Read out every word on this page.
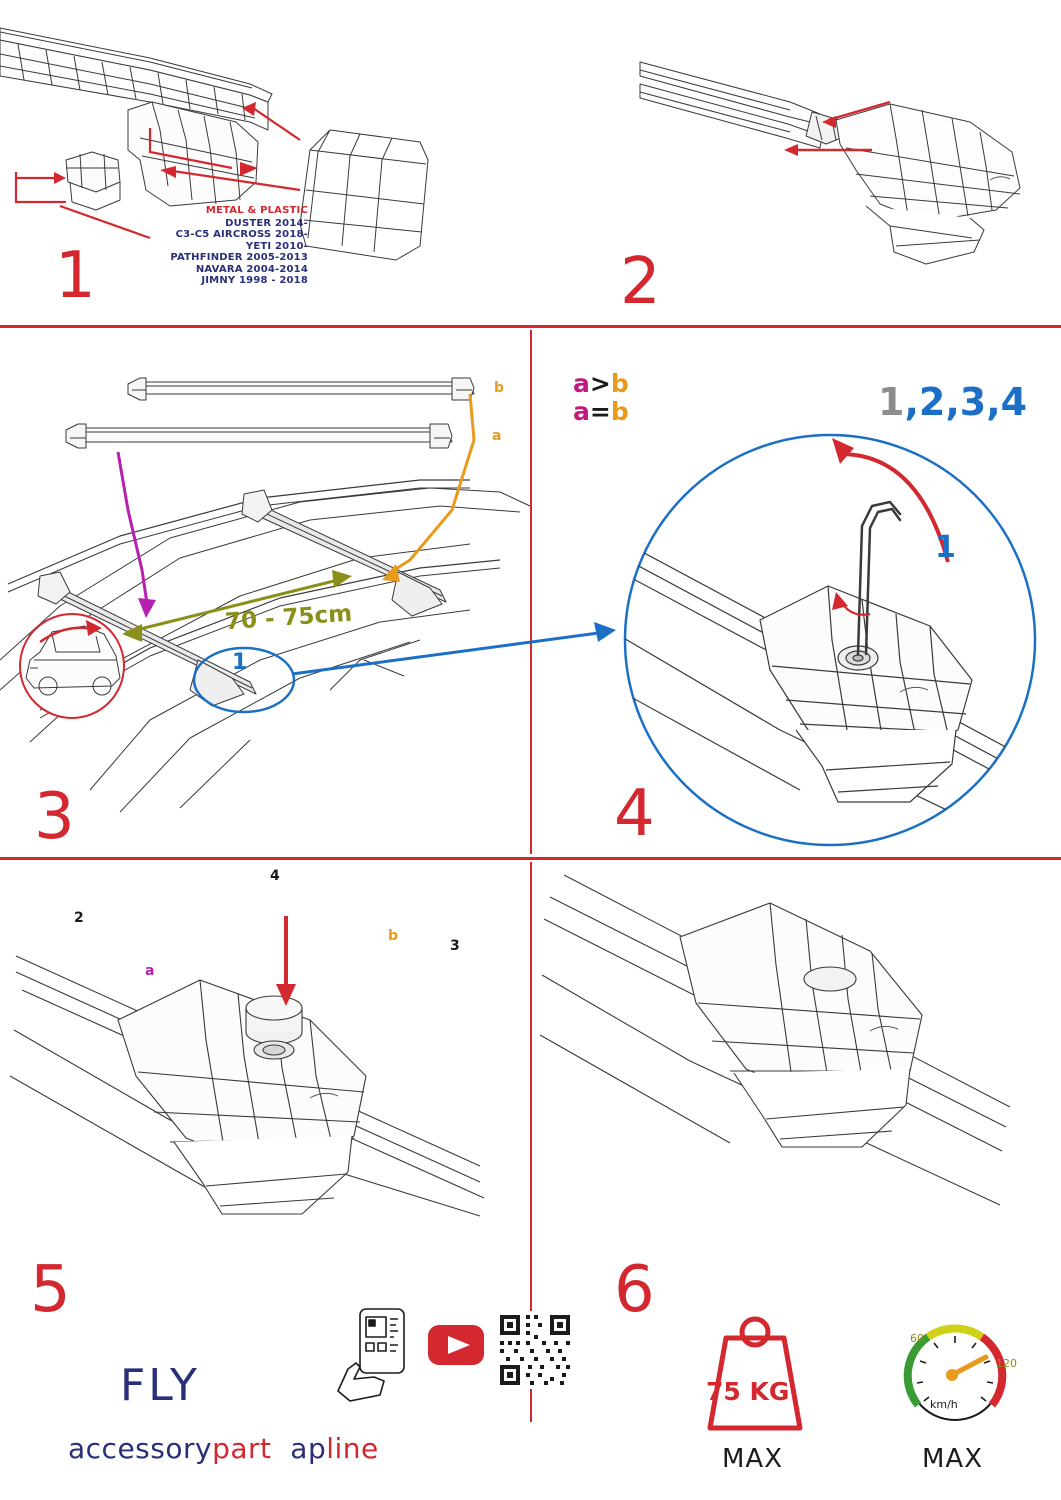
METAL & PLASTIC
DUSTER 2014-
C3-C5 AIRCROSS 2018-
YETI 2010-
PATHFINDER 2005-2013
NAVARA 2004-2014
JIMNY 1998 - 2018
1	2
4
2
3
a
b
b
a
1
70 - 75cm
a>b
a=b
3
1,2,3,4
1
4
5
FLY
accessorypart apline
6
75 KG
MAX
60
120
km/h
MAX
